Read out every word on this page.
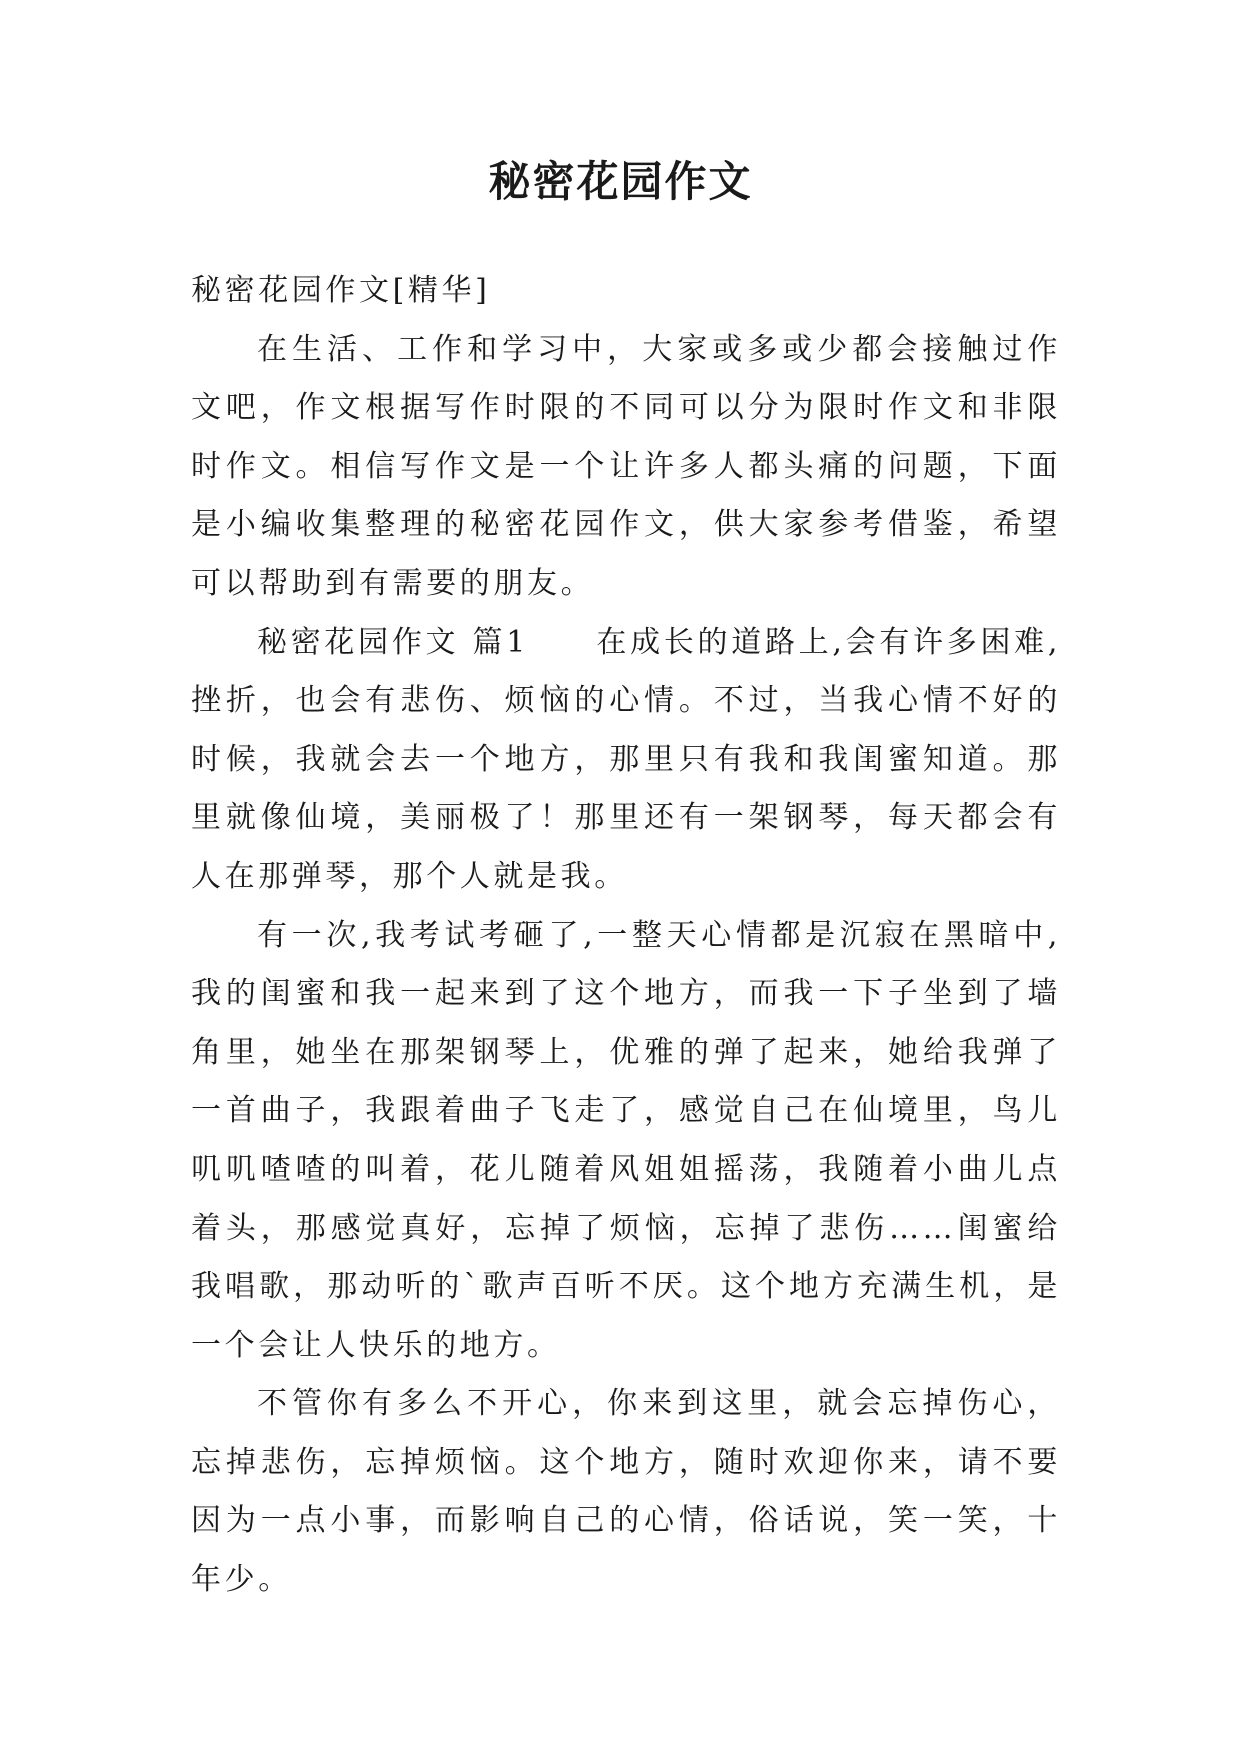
秘密花园作文

秘密花园作文[精华]

在生活、工作和学习中，大家或多或少都会接触过作文吧，作文根据写作时限的不同可以分为限时作文和非限时作文。相信写作文是一个让许多人都头痛的问题，下面是小编收集整理的秘密花园作文，供大家参考借鉴，希望可以帮助到有需要的朋友。

秘密花园作文 篇1　　在成长的道路上,会有许多困难,挫折，也会有悲伤、烦恼的心情。不过，当我心情不好的时候，我就会去一个地方，那里只有我和我闺蜜知道。那里就像仙境，美丽极了！那里还有一架钢琴，每天都会有人在那弹琴，那个人就是我。

有一次,我考试考砸了,一整天心情都是沉寂在黑暗中,我的闺蜜和我一起来到了这个地方，而我一下子坐到了墙角里，她坐在那架钢琴上，优雅的弹了起来，她给我弹了一首曲子，我跟着曲子飞走了，感觉自己在仙境里，鸟儿叽叽喳喳的叫着，花儿随着风姐姐摇荡，我随着小曲儿点着头，那感觉真好，忘掉了烦恼，忘掉了悲伤……闺蜜给我唱歌，那动听的`歌声百听不厌。这个地方充满生机，是一个会让人快乐的地方。

不管你有多么不开心，你来到这里，就会忘掉伤心，忘掉悲伤，忘掉烦恼。这个地方，随时欢迎你来，请不要因为一点小事，而影响自己的心情，俗话说，笑一笑，十年少。
